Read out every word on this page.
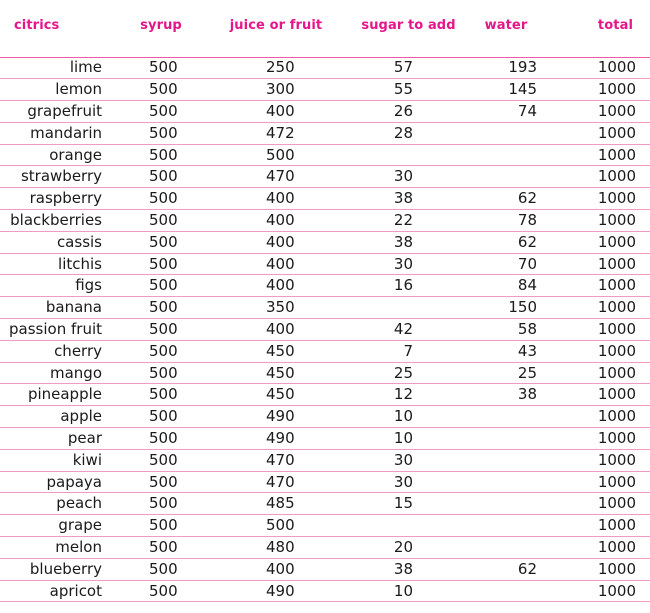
citrics	syrup	juice or fruit	sugar to add	water	total
lime	500	250	57	193	1000
lemon	500	300	55	145	1000
grapefruit	500	400	26	74	1000
mandarin	500	472	28		1000
orange	500	500			1000
strawberry	500	470	30		1000
raspberry	500	400	38	62	1000
blackberries	500	400	22	78	1000
cassis	500	400	38	62	1000
litchis	500	400	30	70	1000
figs	500	400	16	84	1000
banana	500	350		150	1000
passion fruit	500	400	42	58	1000
cherry	500	450	7	43	1000
mango	500	450	25	25	1000
pineapple	500	450	12	38	1000
apple	500	490	10		1000
pear	500	490	10		1000
kiwi	500	470	30		1000
papaya	500	470	30		1000
peach	500	485	15		1000
grape	500	500			1000
melon	500	480	20		1000
blueberry	500	400	38	62	1000
apricot	500	490	10		1000
